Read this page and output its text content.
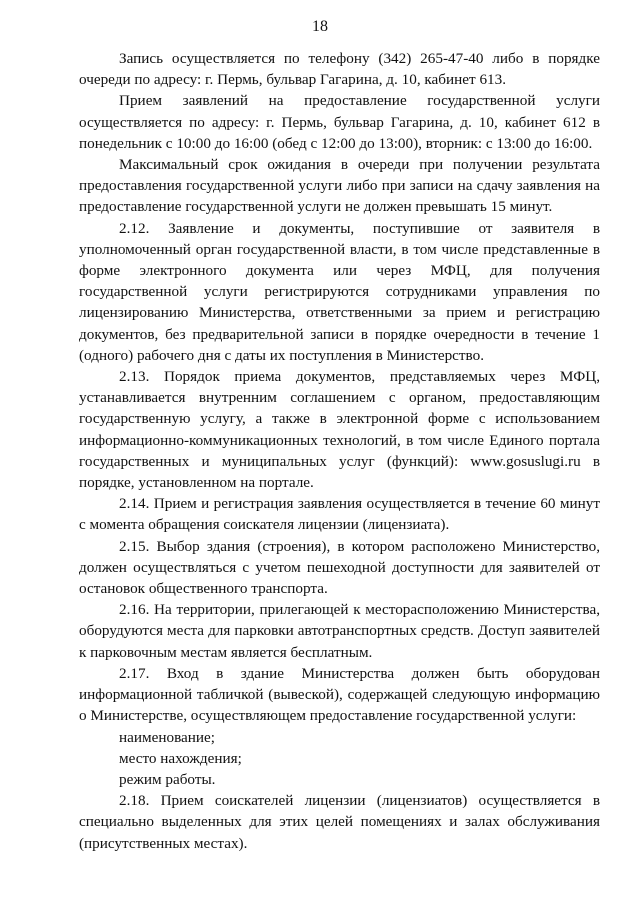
18

Запись осуществляется по телефону (342) 265-47-40 либо в порядке очереди по адресу: г. Пермь, бульвар Гагарина, д. 10, кабинет 613.

Прием заявлений на предоставление государственной услуги осуществляется по адресу: г. Пермь, бульвар Гагарина, д. 10, кабинет 612 в понедельник с 10:00 до 16:00 (обед с 12:00 до 13:00), вторник: с 13:00 до 16:00.

Максимальный срок ожидания в очереди при получении результата предоставления государственной услуги либо при записи на сдачу заявления на предоставление государственной услуги не должен превышать 15 минут.

2.12. Заявление и документы, поступившие от заявителя в уполномоченный орган государственной власти, в том числе представленные в форме электронного документа или через МФЦ, для получения государственной услуги регистрируются сотрудниками управления по лицензированию Министерства, ответственными за прием и регистрацию документов, без предварительной записи в порядке очередности в течение 1 (одного) рабочего дня с даты их поступления в Министерство.

2.13. Порядок приема документов, представляемых через МФЦ, устанавливается внутренним соглашением с органом, предоставляющим государственную услугу, а также в электронной форме с использованием информационно-коммуникационных технологий, в том числе Единого портала государственных и муниципальных услуг (функций): www.gosuslugi.ru в порядке, установленном на портале.

2.14. Прием и регистрация заявления осуществляется в течение 60 минут с момента обращения соискателя лицензии (лицензиата).

2.15. Выбор здания (строения), в котором расположено Министерство, должен осуществляться с учетом пешеходной доступности для заявителей от остановок общественного транспорта.

2.16. На территории, прилегающей к месторасположению Министерства, оборудуются места для парковки автотранспортных средств. Доступ заявителей к парковочным местам является бесплатным.

2.17. Вход в здание Министерства должен быть оборудован информационной табличкой (вывеской), содержащей следующую информацию о Министерстве, осуществляющем предоставление государственной услуги:

наименование;

место нахождения;

режим работы.

2.18. Прием соискателей лицензии (лицензиатов) осуществляется в специально выделенных для этих целей помещениях и залах обслуживания (присутственных местах).
